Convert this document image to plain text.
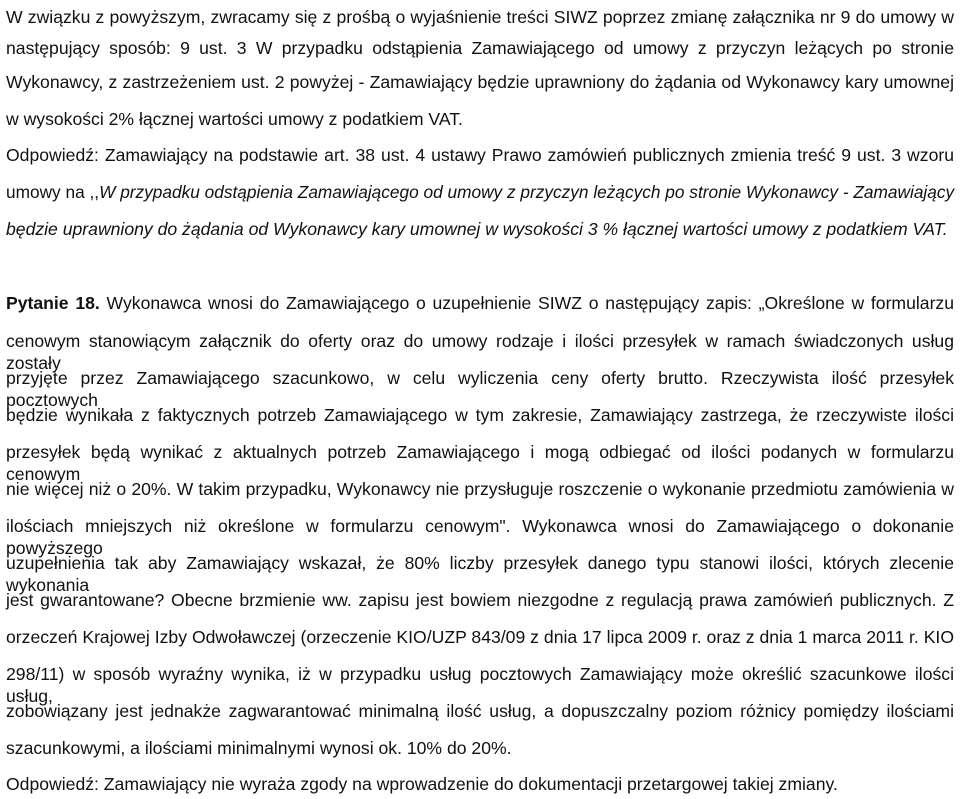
W związku z powyższym, zwracamy się z prośbą o wyjaśnienie treści SIWZ poprzez zmianę załącznika nr 9 do umowy w
następujący sposób: 9 ust. 3 W przypadku odstąpienia Zamawiającego od umowy z przyczyn leżących po stronie
Wykonawcy, z zastrzeżeniem ust. 2 powyżej - Zamawiający będzie uprawniony do żądania od Wykonawcy kary umownej
w wysokości 2% łącznej wartości umowy z podatkiem VAT.
Odpowiedź: Zamawiający na podstawie art. 38 ust. 4 ustawy Prawo zamówień publicznych zmienia treść 9 ust. 3 wzoru
umowy na ,,W przypadku odstąpienia Zamawiającego od umowy z przyczyn leżących po stronie Wykonawcy - Zamawiający
będzie uprawniony do żądania od Wykonawcy kary umownej w wysokości 3 % łącznej wartości umowy z podatkiem VAT.
Pytanie 18. Wykonawca wnosi do Zamawiającego o uzupełnienie SIWZ o następujący zapis: „Określone w formularzu
cenowym stanowiącym załącznik do oferty oraz do umowy rodzaje i ilości przesyłek w ramach świadczonych usług zostały
przyjęte przez Zamawiającego szacunkowo, w celu wyliczenia ceny oferty brutto. Rzeczywista ilość przesyłek pocztowych
będzie wynikała z faktycznych potrzeb Zamawiającego w tym zakresie, Zamawiający zastrzega, że rzeczywiste ilości
przesyłek będą wynikać z aktualnych potrzeb Zamawiającego i mogą odbiegać od ilości podanych w formularzu cenowym
nie więcej niż o 20%. W takim przypadku, Wykonawcy nie przysługuje roszczenie o wykonanie przedmiotu zamówienia w
ilościach mniejszych niż określone w formularzu cenowym". Wykonawca wnosi do Zamawiającego o dokonanie powyższego
uzupełnienia tak aby Zamawiający wskazał, że 80% liczby przesyłek danego typu stanowi ilości, których zlecenie wykonania
jest gwarantowane? Obecne brzmienie ww. zapisu jest bowiem niezgodne z regulacją prawa zamówień publicznych. Z
orzeczeń Krajowej Izby Odwoławczej (orzeczenie KIO/UZP 843/09 z dnia 17 lipca 2009 r. oraz z dnia 1 marca 2011 r. KIO
298/11) w sposób wyraźny wynika, iż w przypadku usług pocztowych Zamawiający może określić szacunkowe ilości usług,
zobowiązany jest jednakże zagwarantować minimalną ilość usług, a dopuszczalny poziom różnicy pomiędzy ilościami
szacunkowymi, a ilościami minimalnymi wynosi ok. 10% do 20%.
Odpowiedź: Zamawiający nie wyraża zgody na wprowadzenie do dokumentacji przetargowej takiej zmiany.
